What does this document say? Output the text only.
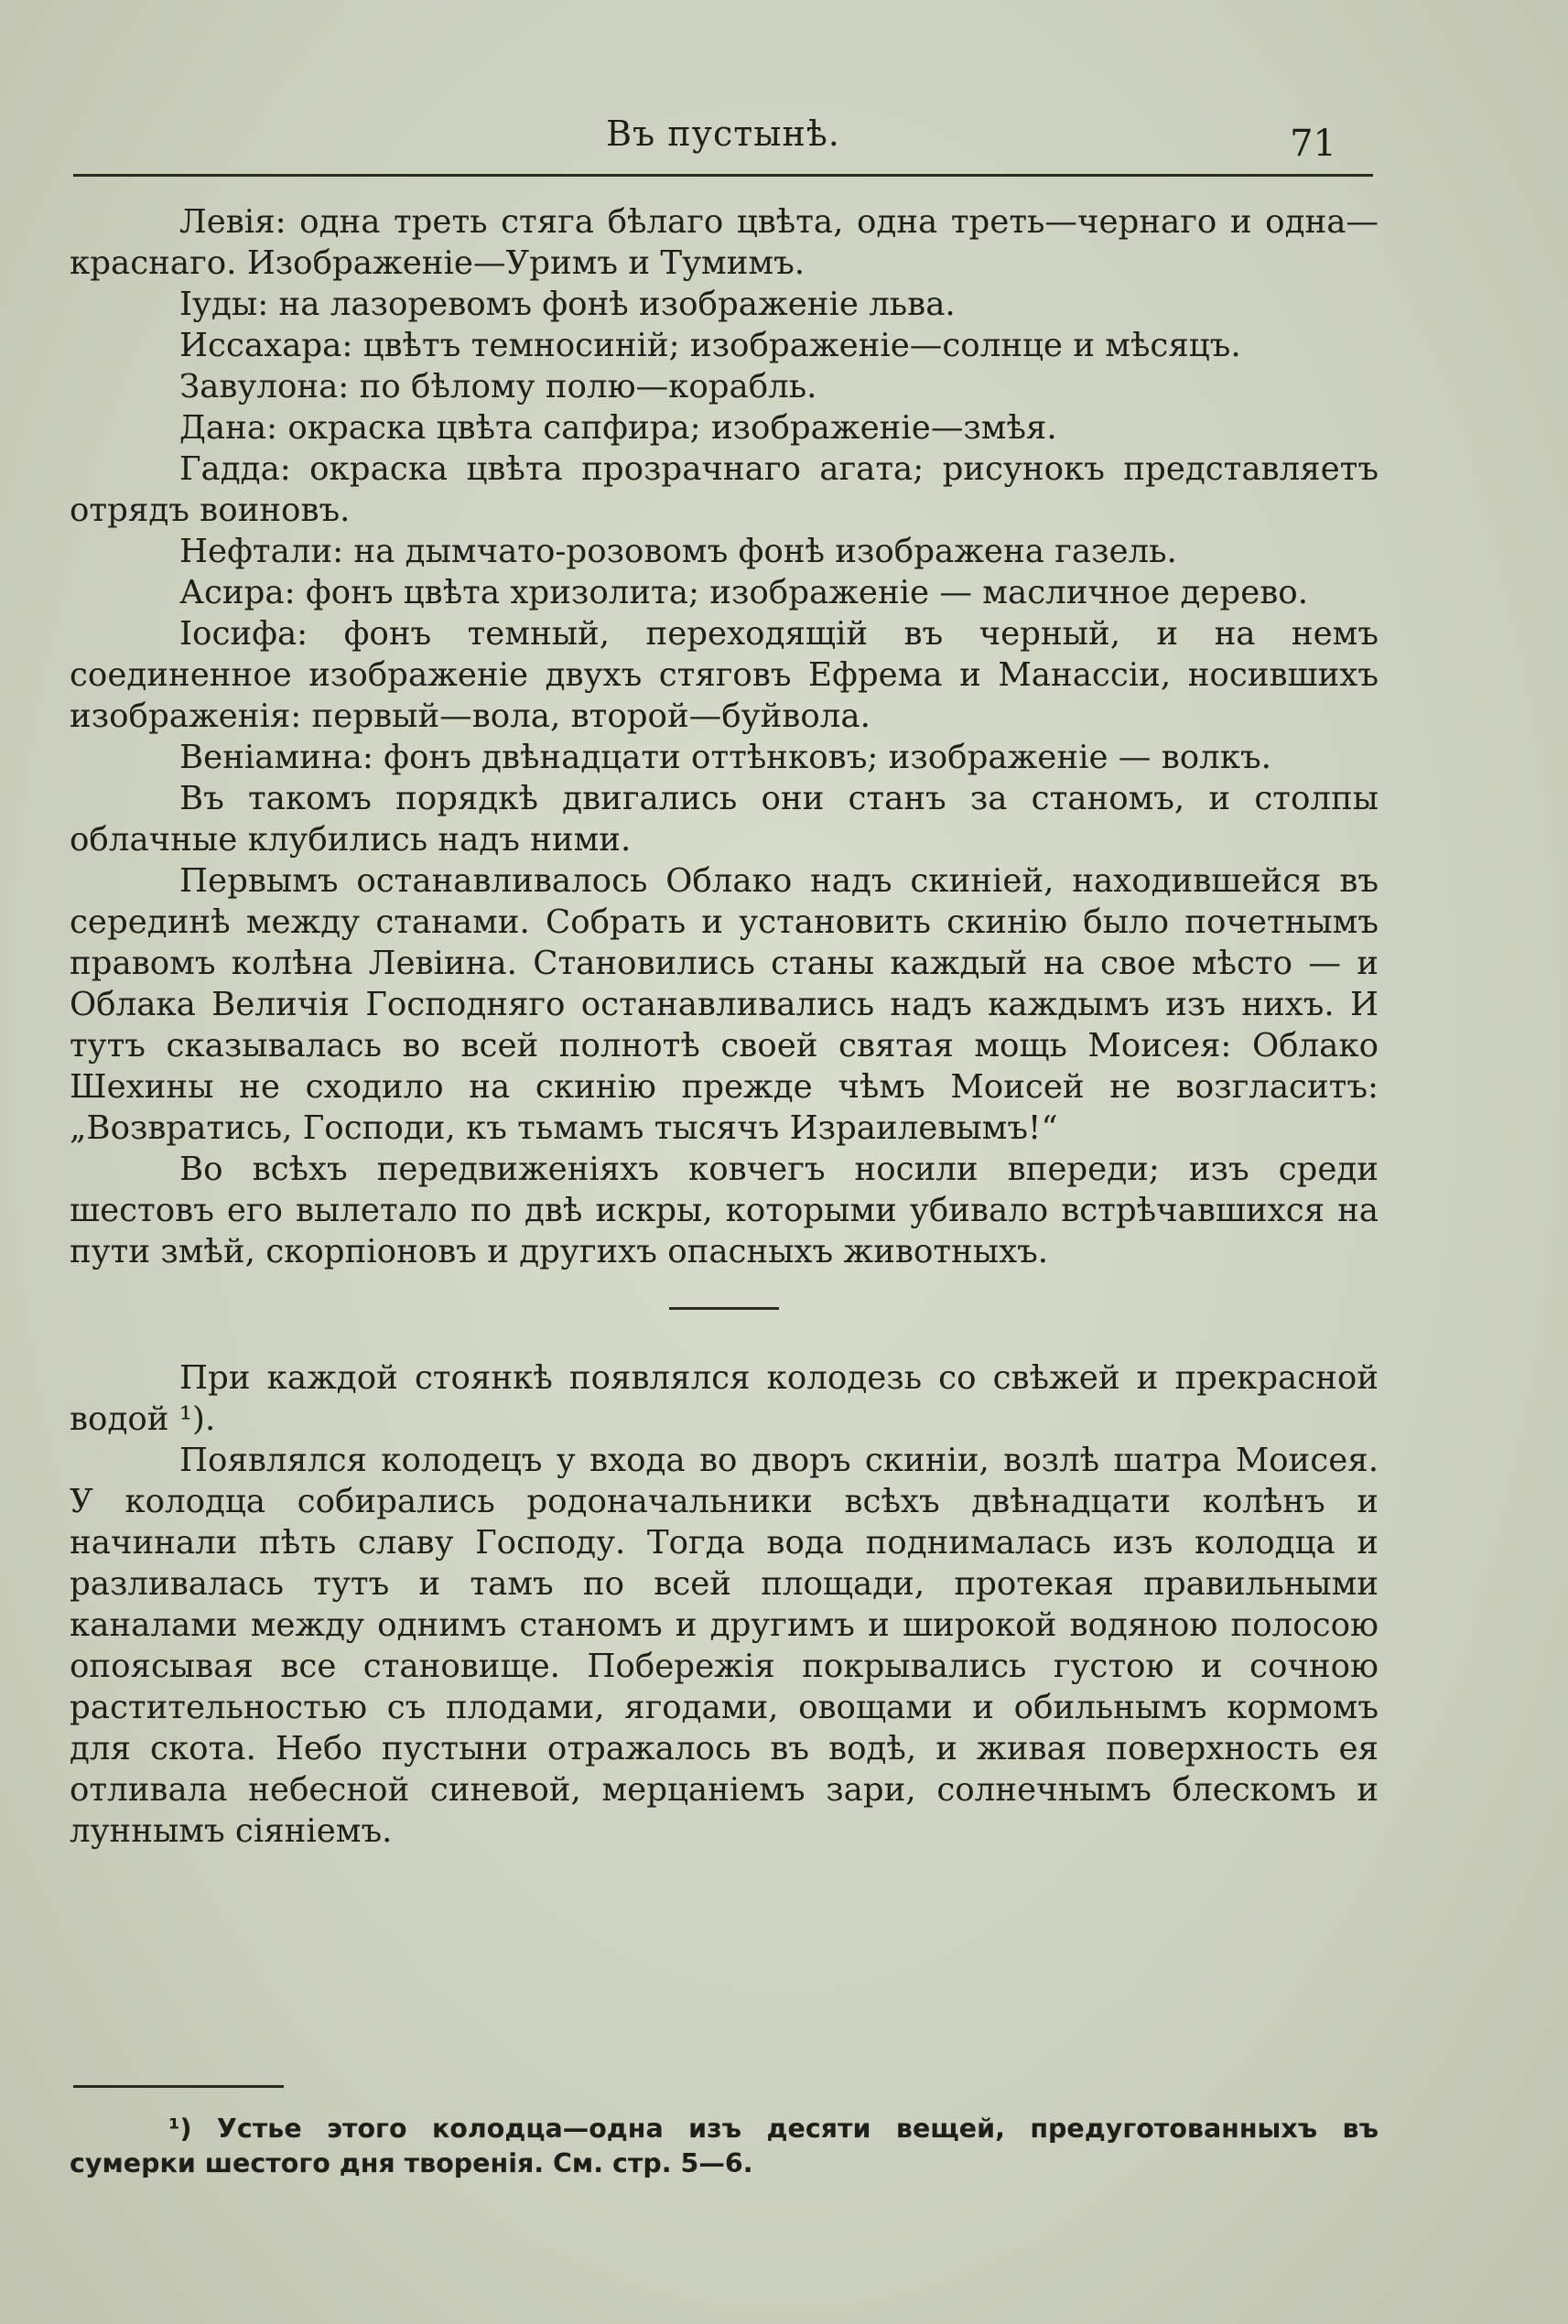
Въ пустынѣ.	71

Левія: одна треть стяга бѣлаго цвѣта, одна треть—чернаго и одна—краснаго. Изображеніе—Уримъ и Тумимъ.

Іуды: на лазоревомъ фонѣ изображеніе льва.

Иссахара: цвѣтъ темносиній; изображеніе—солнце и мѣсяцъ.

Завулона: по бѣлому полю—корабль.

Дана: окраска цвѣта сапфира; изображеніе—змѣя.

Гадда: окраска цвѣта прозрачнаго агата; рисунокъ представляетъ отрядъ воиновъ.

Нефтали: на дымчато-розовомъ фонѣ изображена газель.

Асира: фонъ цвѣта хризолита; изображеніе — масличное дерево.

Іосифа: фонъ темный, переходящій въ черный, и на немъ соединенное изображеніе двухъ стяговъ Ефрема и Манассіи, носившихъ изображенія: первый—вола, второй—буйвола.

Веніамина: фонъ двѣнадцати оттѣнковъ; изображеніе — волкъ.

Въ такомъ порядкѣ двигались они станъ за станомъ, и столпы облачные клубились надъ ними.

Первымъ останавливалось Облако надъ скиніей, находившейся въ серединѣ между станами. Собрать и установить скинію было почетнымъ правомъ колѣна Левіина. Становились станы каждый на свое мѣсто — и Облака Величія Господняго останавливались надъ каждымъ изъ нихъ. И тутъ сказывалась во всей полнотѣ своей святая мощь Моисея: Облако Шехины не сходило на скинію прежде чѣмъ Моисей не возгласитъ: „Возвратись, Господи, къ тьмамъ тысячъ Израилевымъ!“

Во всѣхъ передвиженіяхъ ковчегъ носили впереди; изъ среди шестовъ его вылетало по двѣ искры, которыми убивало встрѣчавшихся на пути змѣй, скорпіоновъ и другихъ опасныхъ животныхъ.

При каждой стоянкѣ появлялся колодезь со свѣжей и прекрасной водой ¹).

Появлялся колодецъ у входа во дворъ скиніи, возлѣ шатра Моисея. У колодца собирались родоначальники всѣхъ двѣнадцати колѣнъ и начинали пѣть славу Господу. Тогда вода поднималась изъ колодца и разливалась тутъ и тамъ по всей площади, протекая правильными каналами между однимъ станомъ и другимъ и широкой водяною полосою опоясывая все становище. Побережія покрывались густою и сочною растительностью съ плодами, ягодами, овощами и обильнымъ кормомъ для скота. Небо пустыни отражалось въ водѣ, и живая поверхность ея отливала небесной синевой, мерцаніемъ зари, солнечнымъ блескомъ и луннымъ сіяніемъ.

¹) Устье этого колодца—одна изъ десяти вещей, предуготованныхъ въ сумерки шестого дня творенія. См. стр. 5—6.
